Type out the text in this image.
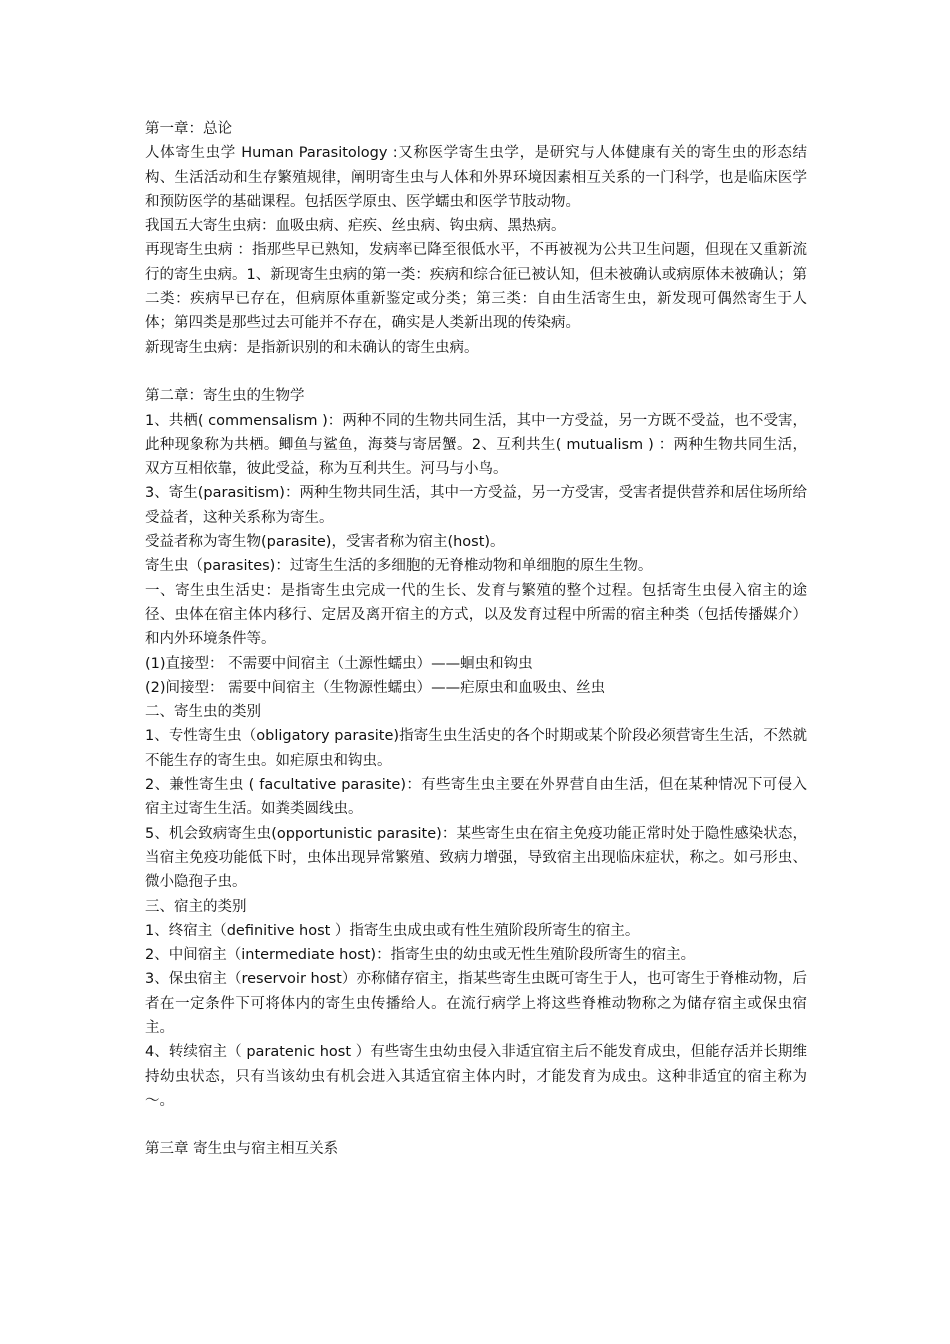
第一章：总论

人体寄生虫学 Human Parasitology :又称医学寄生虫学，是研究与人体健康有关的寄生虫的形态结构、生活活动和生存繁殖规律，阐明寄生虫与人体和外界环境因素相互关系的一门科学，也是临床医学和预防医学的基础课程。包括医学原虫、医学蠕虫和医学节肢动物。

我国五大寄生虫病：血吸虫病、疟疾、丝虫病、钩虫病、黑热病。

再现寄生虫病 ：指那些早已熟知，发病率已降至很低水平，不再被视为公共卫生问题，但现在又重新流行的寄生虫病。1、新现寄生虫病的第一类：疾病和综合征已被认知，但未被确认或病原体未被确认；第二类：疾病早已存在，但病原体重新鉴定或分类；第三类：自由生活寄生虫，新发现可偶然寄生于人体；第四类是那些过去可能并不存在，确实是人类新出现的传染病。

新现寄生虫病：是指新识别的和未确认的寄生虫病。

第二章：寄生虫的生物学

1、共栖( commensalism )：两种不同的生物共同生活，其中一方受益，另一方既不受益，也不受害，此种现象称为共栖。鲫鱼与鲨鱼，海葵与寄居蟹。2、互利共生( mutualism ) ：两种生物共同生活，双方互相依靠，彼此受益，称为互利共生。河马与小鸟。

3、寄生(parasitism)：两种生物共同生活，其中一方受益，另一方受害，受害者提供营养和居住场所给受益者，这种关系称为寄生。

受益者称为寄生物(parasite)，受害者称为宿主(host)。

寄生虫（parasites)：过寄生生活的多细胞的无脊椎动物和单细胞的原生生物。

一、寄生虫生活史：是指寄生虫完成一代的生长、发育与繁殖的整个过程。包括寄生虫侵入宿主的途径、虫体在宿主体内移行、定居及离开宿主的方式，以及发育过程中所需的宿主种类（包括传播媒介）和内外环境条件等。

(1)直接型： 不需要中间宿主（土源性蠕虫）——蛔虫和钩虫

(2)间接型： 需要中间宿主（生物源性蠕虫）——疟原虫和血吸虫、丝虫

二、寄生虫的类别

1、专性寄生虫（obligatory parasite)指寄生虫生活史的各个时期或某个阶段必须营寄生生活，不然就不能生存的寄生虫。如疟原虫和钩虫。

2、兼性寄生虫 ( facultative parasite)：有些寄生虫主要在外界营自由生活，但在某种情况下可侵入宿主过寄生生活。如粪类圆线虫。

5、机会致病寄生虫(opportunistic parasite)：某些寄生虫在宿主免疫功能正常时处于隐性感染状态，当宿主免疫功能低下时，虫体出现异常繁殖、致病力增强，导致宿主出现临床症状，称之。如弓形虫、微小隐孢子虫。

三、宿主的类别

1、终宿主（definitive host ）指寄生虫成虫或有性生殖阶段所寄生的宿主。

2、中间宿主（intermediate host)：指寄生虫的幼虫或无性生殖阶段所寄生的宿主。

3、保虫宿主（reservoir host）亦称储存宿主，指某些寄生虫既可寄生于人，也可寄生于脊椎动物，后者在一定条件下可将体内的寄生虫传播给人。在流行病学上将这些脊椎动物称之为储存宿主或保虫宿主。

4、转续宿主（ paratenic host ）有些寄生虫幼虫侵入非适宜宿主后不能发育成虫，但能存活并长期维持幼虫状态，只有当该幼虫有机会进入其适宜宿主体内时，才能发育为成虫。这种非适宜的宿主称为～。

第三章 寄生虫与宿主相互关系
